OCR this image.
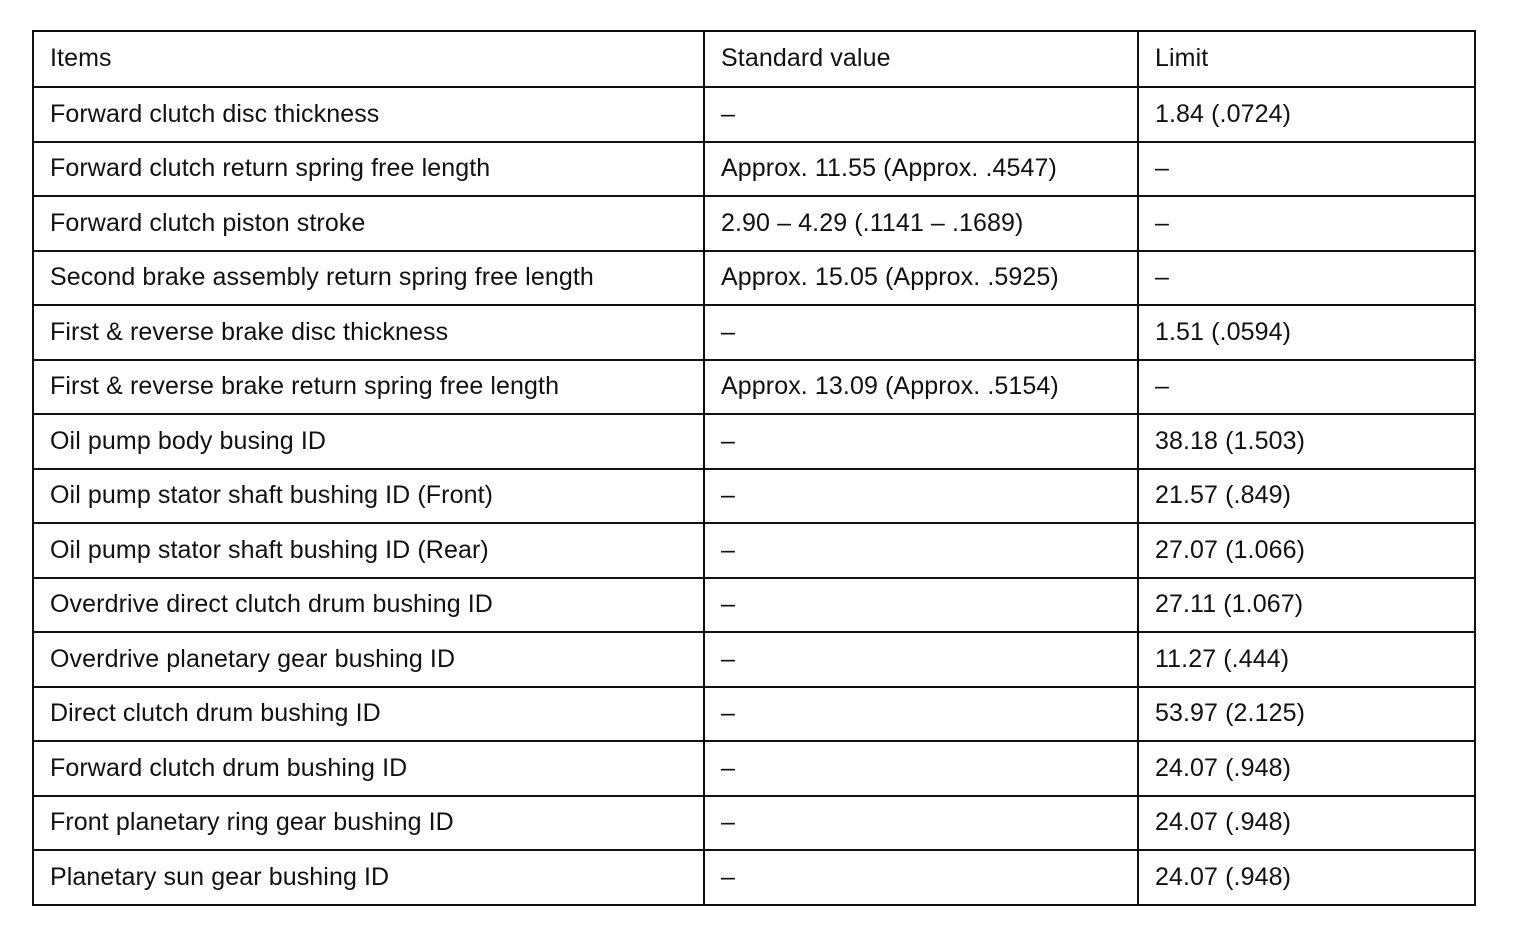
Items	Standard value	Limit
Forward clutch disc thickness	–	1.84 (.0724)
Forward clutch return spring free length	Approx. 11.55 (Approx. .4547)	–
Forward clutch piston stroke	2.90 – 4.29 (.1141 – .1689)	–
Second brake assembly return spring free length	Approx. 15.05 (Approx. .5925)	–
First & reverse brake disc thickness	–	1.51 (.0594)
First & reverse brake return spring free length	Approx. 13.09 (Approx. .5154)	–
Oil pump body busing ID	–	38.18 (1.503)
Oil pump stator shaft bushing ID (Front)	–	21.57 (.849)
Oil pump stator shaft bushing ID (Rear)	–	27.07 (1.066)
Overdrive direct clutch drum bushing ID	–	27.11 (1.067)
Overdrive planetary gear bushing ID	–	11.27 (.444)
Direct clutch drum bushing ID	–	53.97 (2.125)
Forward clutch drum bushing ID	–	24.07 (.948)
Front planetary ring gear bushing ID	–	24.07 (.948)
Planetary sun gear bushing ID	–	24.07 (.948)
